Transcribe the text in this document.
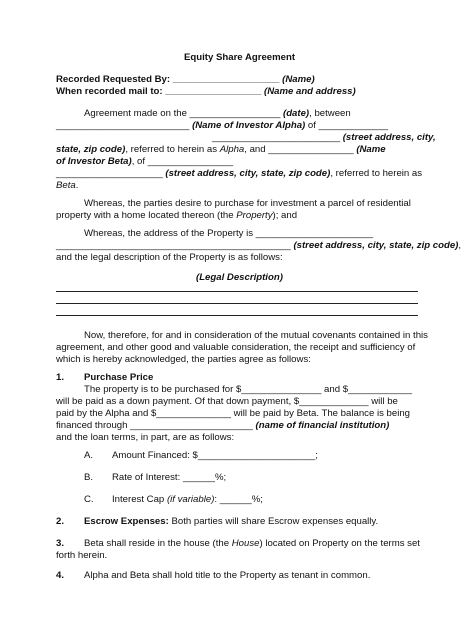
Equity Share Agreement
Recorded Requested By: ____________________ (Name)
When recorded mail to: __________________ (Name and address)
Agreement made on the _________________ (date), between
_________________________ (Name of Investor Alpha) of _____________
________________________ (street address, city,
state, zip code), referred to herein as Alpha, and ________________ (Name
of Investor Beta), of ________________
____________________ (street address, city, state, zip code), referred to herein as
Beta.
Whereas, the parties desire to purchase for investment a parcel of residential
property with a home located thereon (the Property); and
Whereas, the address of the Property is ______________________
____________________________________________ (street address, city, state, zip code),
and the legal description of the Property is as follows:
(Legal Description)
Now, therefore, for and in consideration of the mutual covenants contained in this
agreement, and other good and valuable consideration, the receipt and sufficiency of
which is hereby acknowledged, the parties agree as follows:
1. Purchase Price
The property is to be purchased for $_______________ and $____________
will be paid as a down payment. Of that down payment, $_____________ will be
paid by the Alpha and $______________ will be paid by Beta. The balance is being
financed through _______________________ (name of financial institution)
and the loan terms, in part, are as follows:
A. Amount Financed: $______________________;
B. Rate of Interest: ______%;
C. Interest Cap (if variable): ______%;
2. Escrow Expenses: Both parties will share Escrow expenses equally.
3. Beta shall reside in the house (the House) located on Property on the terms set
forth herein.
4. Alpha and Beta shall hold title to the Property as tenant in common.
